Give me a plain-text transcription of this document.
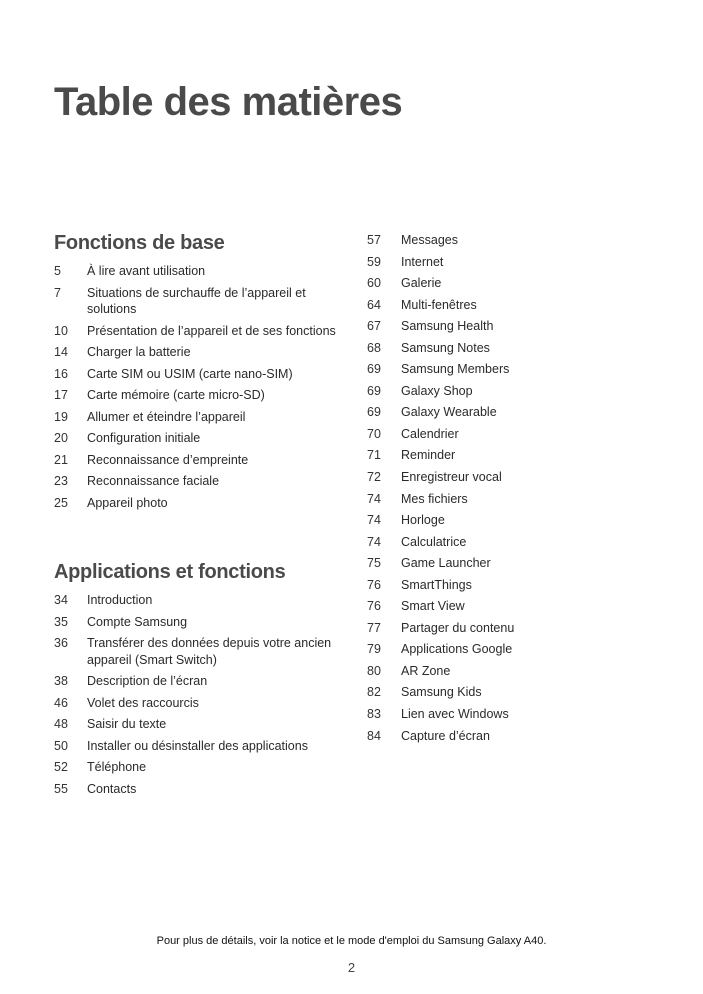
Table des matières
Fonctions de base
5	À lire avant utilisation
7	Situations de surchauffe de l’appareil et solutions
10	Présentation de l’appareil et de ses fonctions
14	Charger la batterie
16	Carte SIM ou USIM (carte nano-SIM)
17	Carte mémoire (carte micro-SD)
19	Allumer et éteindre l’appareil
20	Configuration initiale
21	Reconnaissance d’empreinte
23	Reconnaissance faciale
25	Appareil photo
Applications et fonctions
34	Introduction
35	Compte Samsung
36	Transférer des données depuis votre ancien appareil (Smart Switch)
38	Description de l’écran
46	Volet des raccourcis
48	Saisir du texte
50	Installer ou désinstaller des applications
52	Téléphone
55	Contacts
57	Messages
59	Internet
60	Galerie
64	Multi-fenêtres
67	Samsung Health
68	Samsung Notes
69	Samsung Members
69	Galaxy Shop
69	Galaxy Wearable
70	Calendrier
71	Reminder
72	Enregistreur vocal
74	Mes fichiers
74	Horloge
74	Calculatrice
75	Game Launcher
76	SmartThings
76	Smart View
77	Partager du contenu
79	Applications Google
80	AR Zone
82	Samsung Kids
83	Lien avec Windows
84	Capture d’écran
Pour plus de détails, voir la notice et le mode d'emploi du Samsung Galaxy A40.
2
